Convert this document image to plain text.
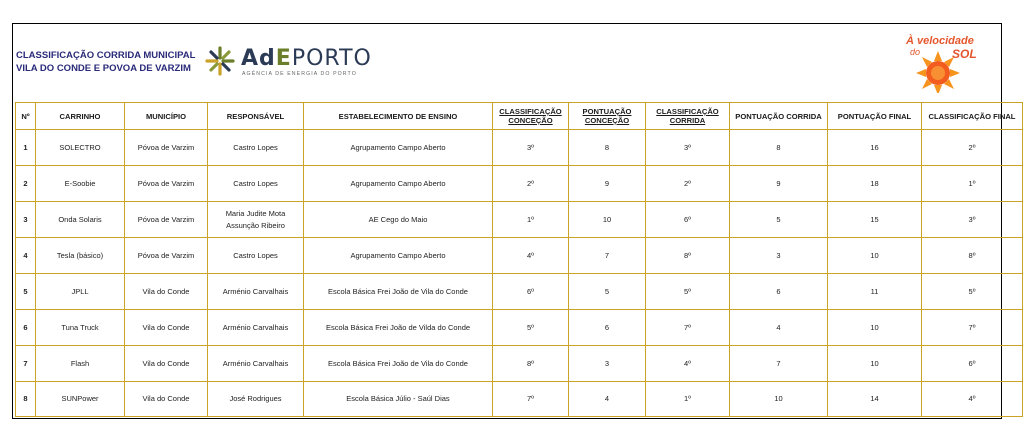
CLASSIFICAÇÃO CORRIDA MUNICIPAL
VILA DO CONDE E POVOA DE VARZIM AdEPORTO
AGÊNCIA DE ENERGIA DO PORTO
À velocidade
do	SOL
Nº	CARRINHO	MUNICÍPIO	RESPONSÁVEL	ESTABELECIMENTO DE ENSINO	CLASSIFICAÇÃO CONCEÇÃO	PONTUAÇÃO CONCEÇÃO	CLASSIFICAÇÃO CORRIDA	PONTUAÇÃO CORRIDA	PONTUAÇÃO FINAL	CLASSIFICAÇÃO FINAL
1	SOLECTRO	Póvoa de Varzim	Castro Lopes	Agrupamento Campo Aberto	3º	8	3º	8	16	2º
2	E-Soobie	Póvoa de Varzim	Castro Lopes	Agrupamento Campo Aberto	2º	9	2º	9	18	1º
3	Onda Solaris	Póvoa de Varzim	Maria Judite Mota Assunção Ribeiro	AE Cego do Maio	1º	10	6º	5	15	3º
4	Tesla (básico)	Póvoa de Varzim	Castro Lopes	Agrupamento Campo Aberto	4º	7	8º	3	10	8º
5	JPLL	Vila do Conde	Arménio Carvalhais	Escola Básica Frei João de Vila do Conde	6º	5	5º	6	11	5º
6	Tuna Truck	Vila do Conde	Arménio Carvalhais	Escola Básica Frei João de Vilda do Conde	5º	6	7º	4	10	7º
7	Flash	Vila do Conde	Arménio Carvalhais	Escola Básica Frei João de Vila do Conde	8º	3	4º	7	10	6º
8	SUNPower	Vila do Conde	José Rodrigues	Escola Básica Júlio - Saúl Dias	7º	4	1º	10	14	4º
